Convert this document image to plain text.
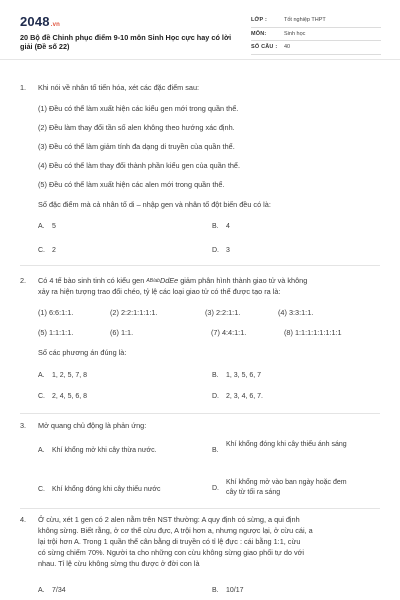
2048.vn
20 Bộ đề Chinh phục điểm 9-10 môn Sinh Học cực hay có lời giải (Đề số 22)
LỚP :	Tốt nghiệp THPT
MÔN:	Sinh học
SỐ CÂU :	40
1. Khi nói về nhân tố tiến hóa, xét các đặc điểm sau:
(1) Đều có thể làm xuất hiện các kiểu gen mới trong quần thể.
(2) Đều làm thay đổi tần số alen không theo hướng xác định.
(3) Đều có thể làm giảm tính đa dạng di truyền của quần thể.
(4) Đều có thể làm thay đổi thành phần kiểu gen của quần thể.
(5) Đều có thể làm xuất hiện các alen mới trong quần thể.
Số đặc điểm mà cả nhân tố di – nhập gen và nhân tố đột biến đều có là:
A. 5	B. 4
C. 2	D. 3
2. Có 4 tế bào sinh tinh có kiểu gen AB/abDdEe giảm phân hình thành giao tử và không
xảy ra hiện tượng trao đổi chéo, tỷ lệ các loại giao tử có thể được tạo ra là:
(1) 6:6:1:1.	(2) 2:2:1:1:1:1.	(3) 2:2:1:1.	(4) 3:3:1:1.
(5) 1:1:1:1.	(6) 1:1.	(7) 4:4:1:1.	(8) 1:1:1:1:1:1:1:1
Số các phương án đúng là:
A. 1, 2, 5, 7, 8	B. 1, 3, 5, 6, 7
C. 2, 4, 5, 6, 8	D. 2, 3, 4, 6, 7.
3. Mở quang chủ động là phản ứng:
A. Khí khổng mở khi cây thừa nước.	B.
Khí khổng đóng khi cây thiếu ánh sáng
C. Khí khổng đóng khi cây thiếu nước	D.
Khí khổng mở vào ban ngày hoặc đem cây từ tối ra sáng
4. Ở cừu, xét 1 gen có 2 alen nằm trên NST thường: A quy định có sừng, a qui định
không sừng. Biết rằng, ở cơ thể cừu đực, A trội hơn a, nhưng ngược lại, ở cừu cái, a
lại trội hơn A. Trong 1 quần thể cân bằng di truyền có tỉ lệ đực : cái bằng 1:1, cừu
có sừng chiếm 70%. Người ta cho những con cừu không sừng giao phối tự do với
nhau. Tỉ lệ cừu không sừng thu được ở đời con là
A. 7/34	B. 10/17
